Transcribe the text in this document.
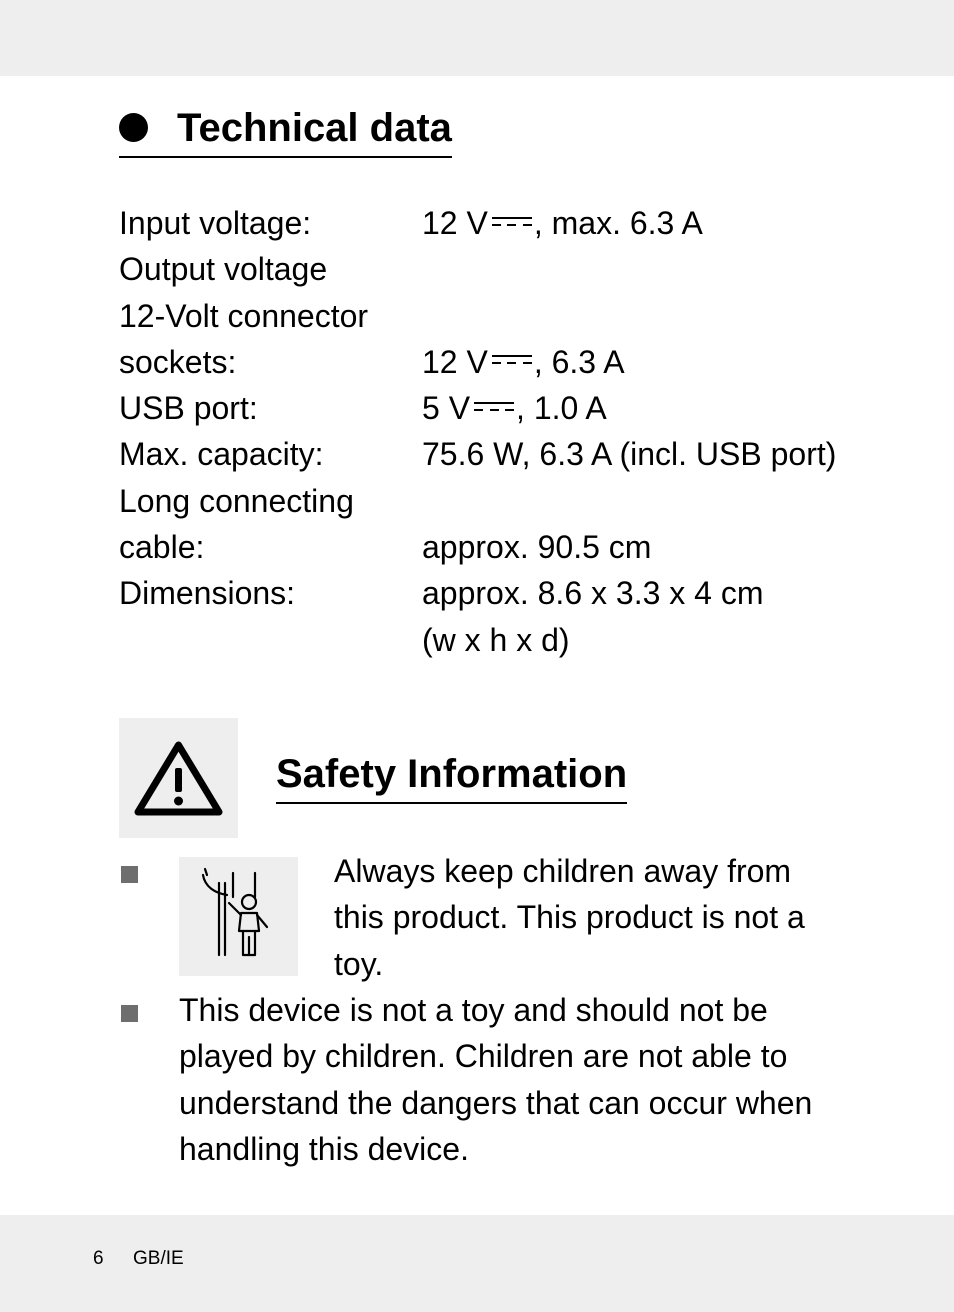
Technical data
Input voltage:	12 V , max. 6.3 A
Output voltage
12-Volt connector
sockets:	12 V , 6.3 A
USB port:	5 V , 1.0 A
Max. capacity:	75.6 W, 6.3 A (incl. USB port)
Long connecting
cable:	approx. 90.5 cm
Dimensions:	approx. 8.6 x 3.3 x 4 cm
(w x h x d)
Safety Information
Always keep children away from this product. This product is not a toy.
This device is not a toy and should not be played by children. Children are not able to understand the dangers that can occur when handling this device.
6 GB/IE
